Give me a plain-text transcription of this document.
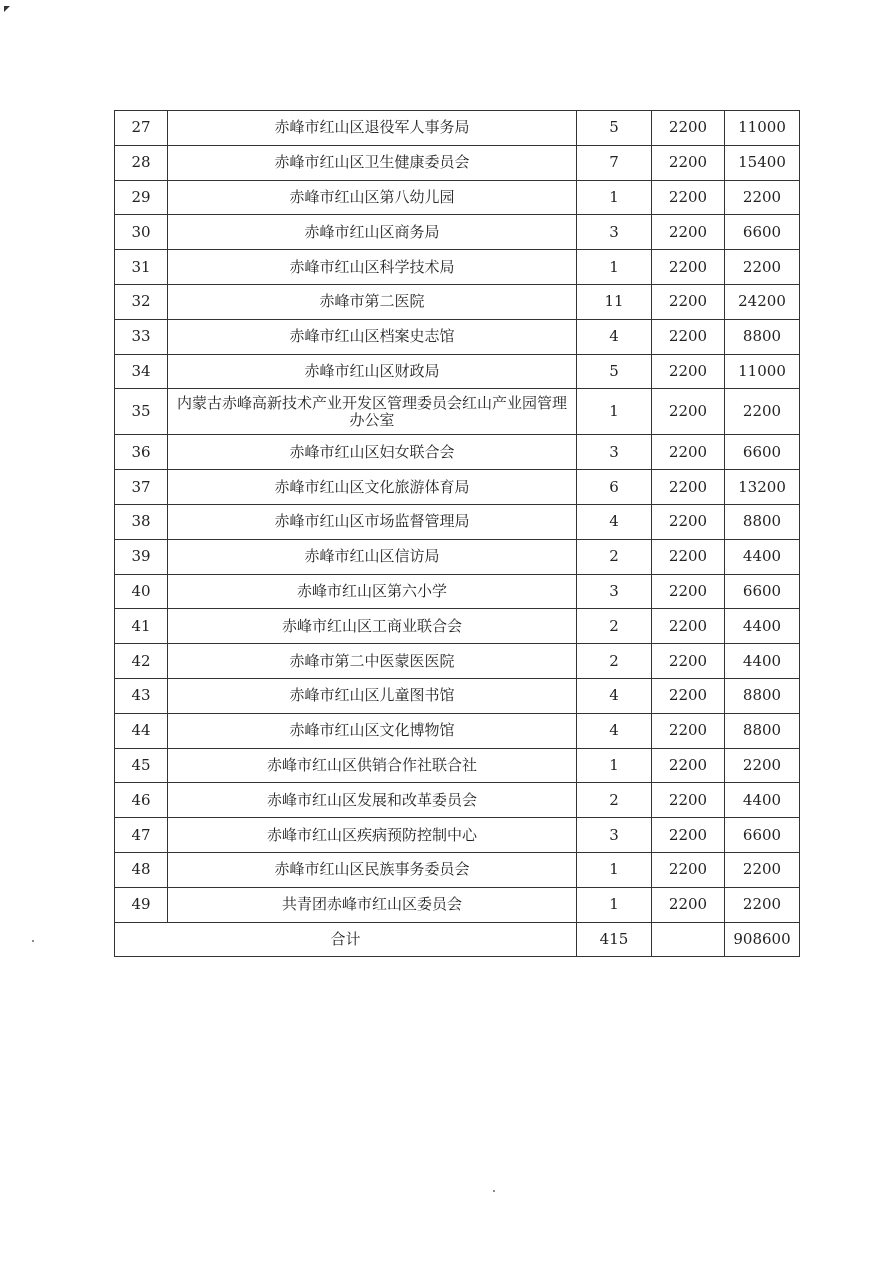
27	赤峰市红山区退役军人事务局	5	2200	11000
28	赤峰市红山区卫生健康委员会	7	2200	15400
29	赤峰市红山区第八幼儿园	1	2200	2200
30	赤峰市红山区商务局	3	2200	6600
31	赤峰市红山区科学技术局	1	2200	2200
32	赤峰市第二医院	11	2200	24200
33	赤峰市红山区档案史志馆	4	2200	8800
34	赤峰市红山区财政局	5	2200	11000
35	内蒙古赤峰高新技术产业开发区管理委员会红山产业园管理办公室	1	2200	2200
36	赤峰市红山区妇女联合会	3	2200	6600
37	赤峰市红山区文化旅游体育局	6	2200	13200
38	赤峰市红山区市场监督管理局	4	2200	8800
39	赤峰市红山区信访局	2	2200	4400
40	赤峰市红山区第六小学	3	2200	6600
41	赤峰市红山区工商业联合会	2	2200	4400
42	赤峰市第二中医蒙医医院	2	2200	4400
43	赤峰市红山区儿童图书馆	4	2200	8800
44	赤峰市红山区文化博物馆	4	2200	8800
45	赤峰市红山区供销合作社联合社	1	2200	2200
46	赤峰市红山区发展和改革委员会	2	2200	4400
47	赤峰市红山区疾病预防控制中心	3	2200	6600
48	赤峰市红山区民族事务委员会	1	2200	2200
49	共青团赤峰市红山区委员会	1	2200	2200
合计		415		908600
